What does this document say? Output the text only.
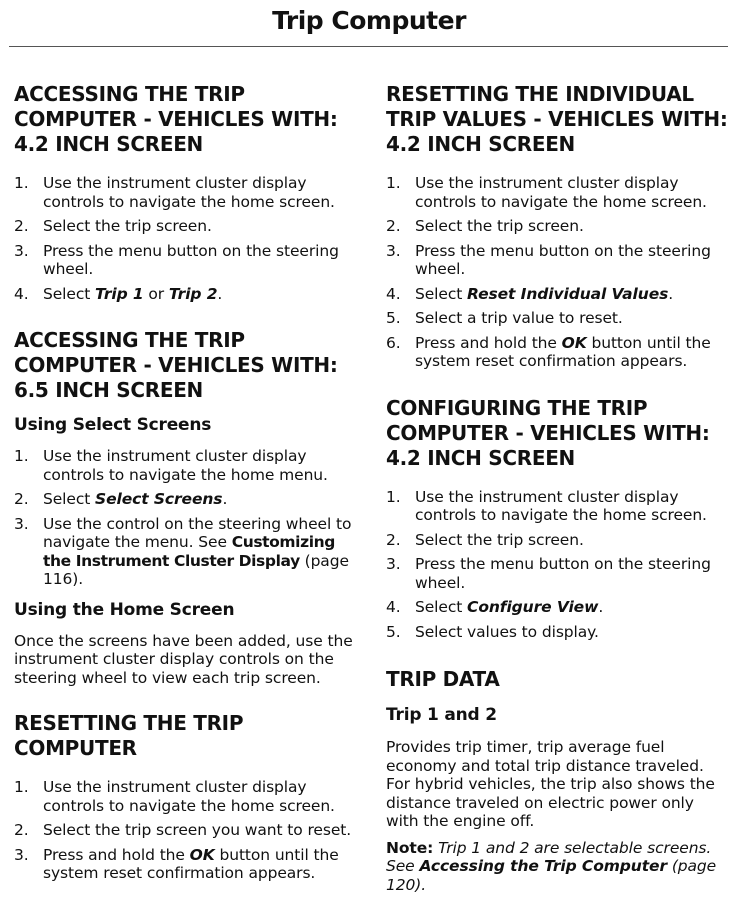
Trip Computer
ACCESSING THE TRIP COMPUTER - VEHICLES WITH: 4.2 INCH SCREEN
1. Use the instrument cluster display controls to navigate the home screen.
2. Select the trip screen.
3. Press the menu button on the steering wheel.
4. Select Trip 1 or Trip 2.
ACCESSING THE TRIP COMPUTER - VEHICLES WITH: 6.5 INCH SCREEN
Using Select Screens
1. Use the instrument cluster display controls to navigate the home menu.
2. Select Select Screens.
3. Use the control on the steering wheel to navigate the menu. See Customizing the Instrument Cluster Display (page 116).
Using the Home Screen

Once the screens have been added, use the instrument cluster display controls on the steering wheel to view each trip screen.

RESETTING THE TRIP COMPUTER
1. Use the instrument cluster display controls to navigate the home screen.
2. Select the trip screen you want to reset.
3. Press and hold the OK button until the system reset confirmation appears.
RESETTING THE INDIVIDUAL TRIP VALUES - VEHICLES WITH: 4.2 INCH SCREEN
1. Use the instrument cluster display controls to navigate the home screen.
2. Select the trip screen.
3. Press the menu button on the steering wheel.
4. Select Reset Individual Values.
5. Select a trip value to reset.
6. Press and hold the OK button until the system reset confirmation appears.
CONFIGURING THE TRIP COMPUTER - VEHICLES WITH: 4.2 INCH SCREEN
1. Use the instrument cluster display controls to navigate the home screen.
2. Select the trip screen.
3. Press the menu button on the steering wheel.
4. Select Configure View.
5. Select values to display.
TRIP DATA
Trip 1 and 2

Provides trip timer, trip average fuel economy and total trip distance traveled. For hybrid vehicles, the trip also shows the distance traveled on electric power only with the engine off.

Note: Trip 1 and 2 are selectable screens. See Accessing the Trip Computer (page 120).
